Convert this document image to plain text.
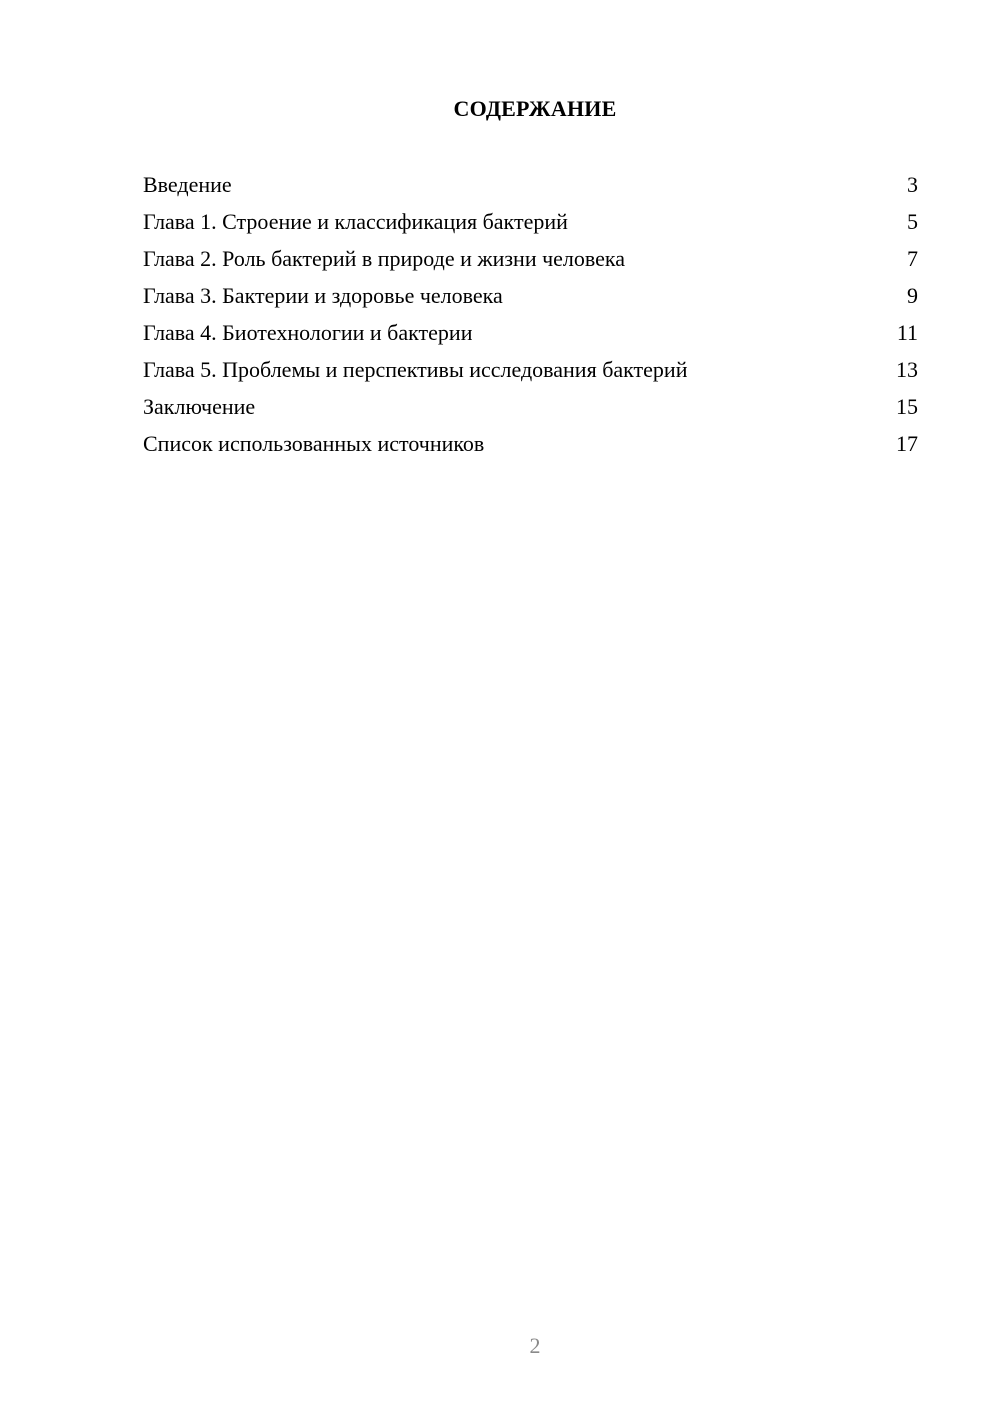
СОДЕРЖАНИЕ
Введение	3
Глава 1. Строение и классификация бактерий	5
Глава 2. Роль бактерий в природе и жизни человека	7
Глава 3. Бактерии и здоровье человека	9
Глава 4. Биотехнологии и бактерии	11
Глава 5. Проблемы и перспективы исследования бактерий	13
Заключение	15
Список использованных источников	17
2
